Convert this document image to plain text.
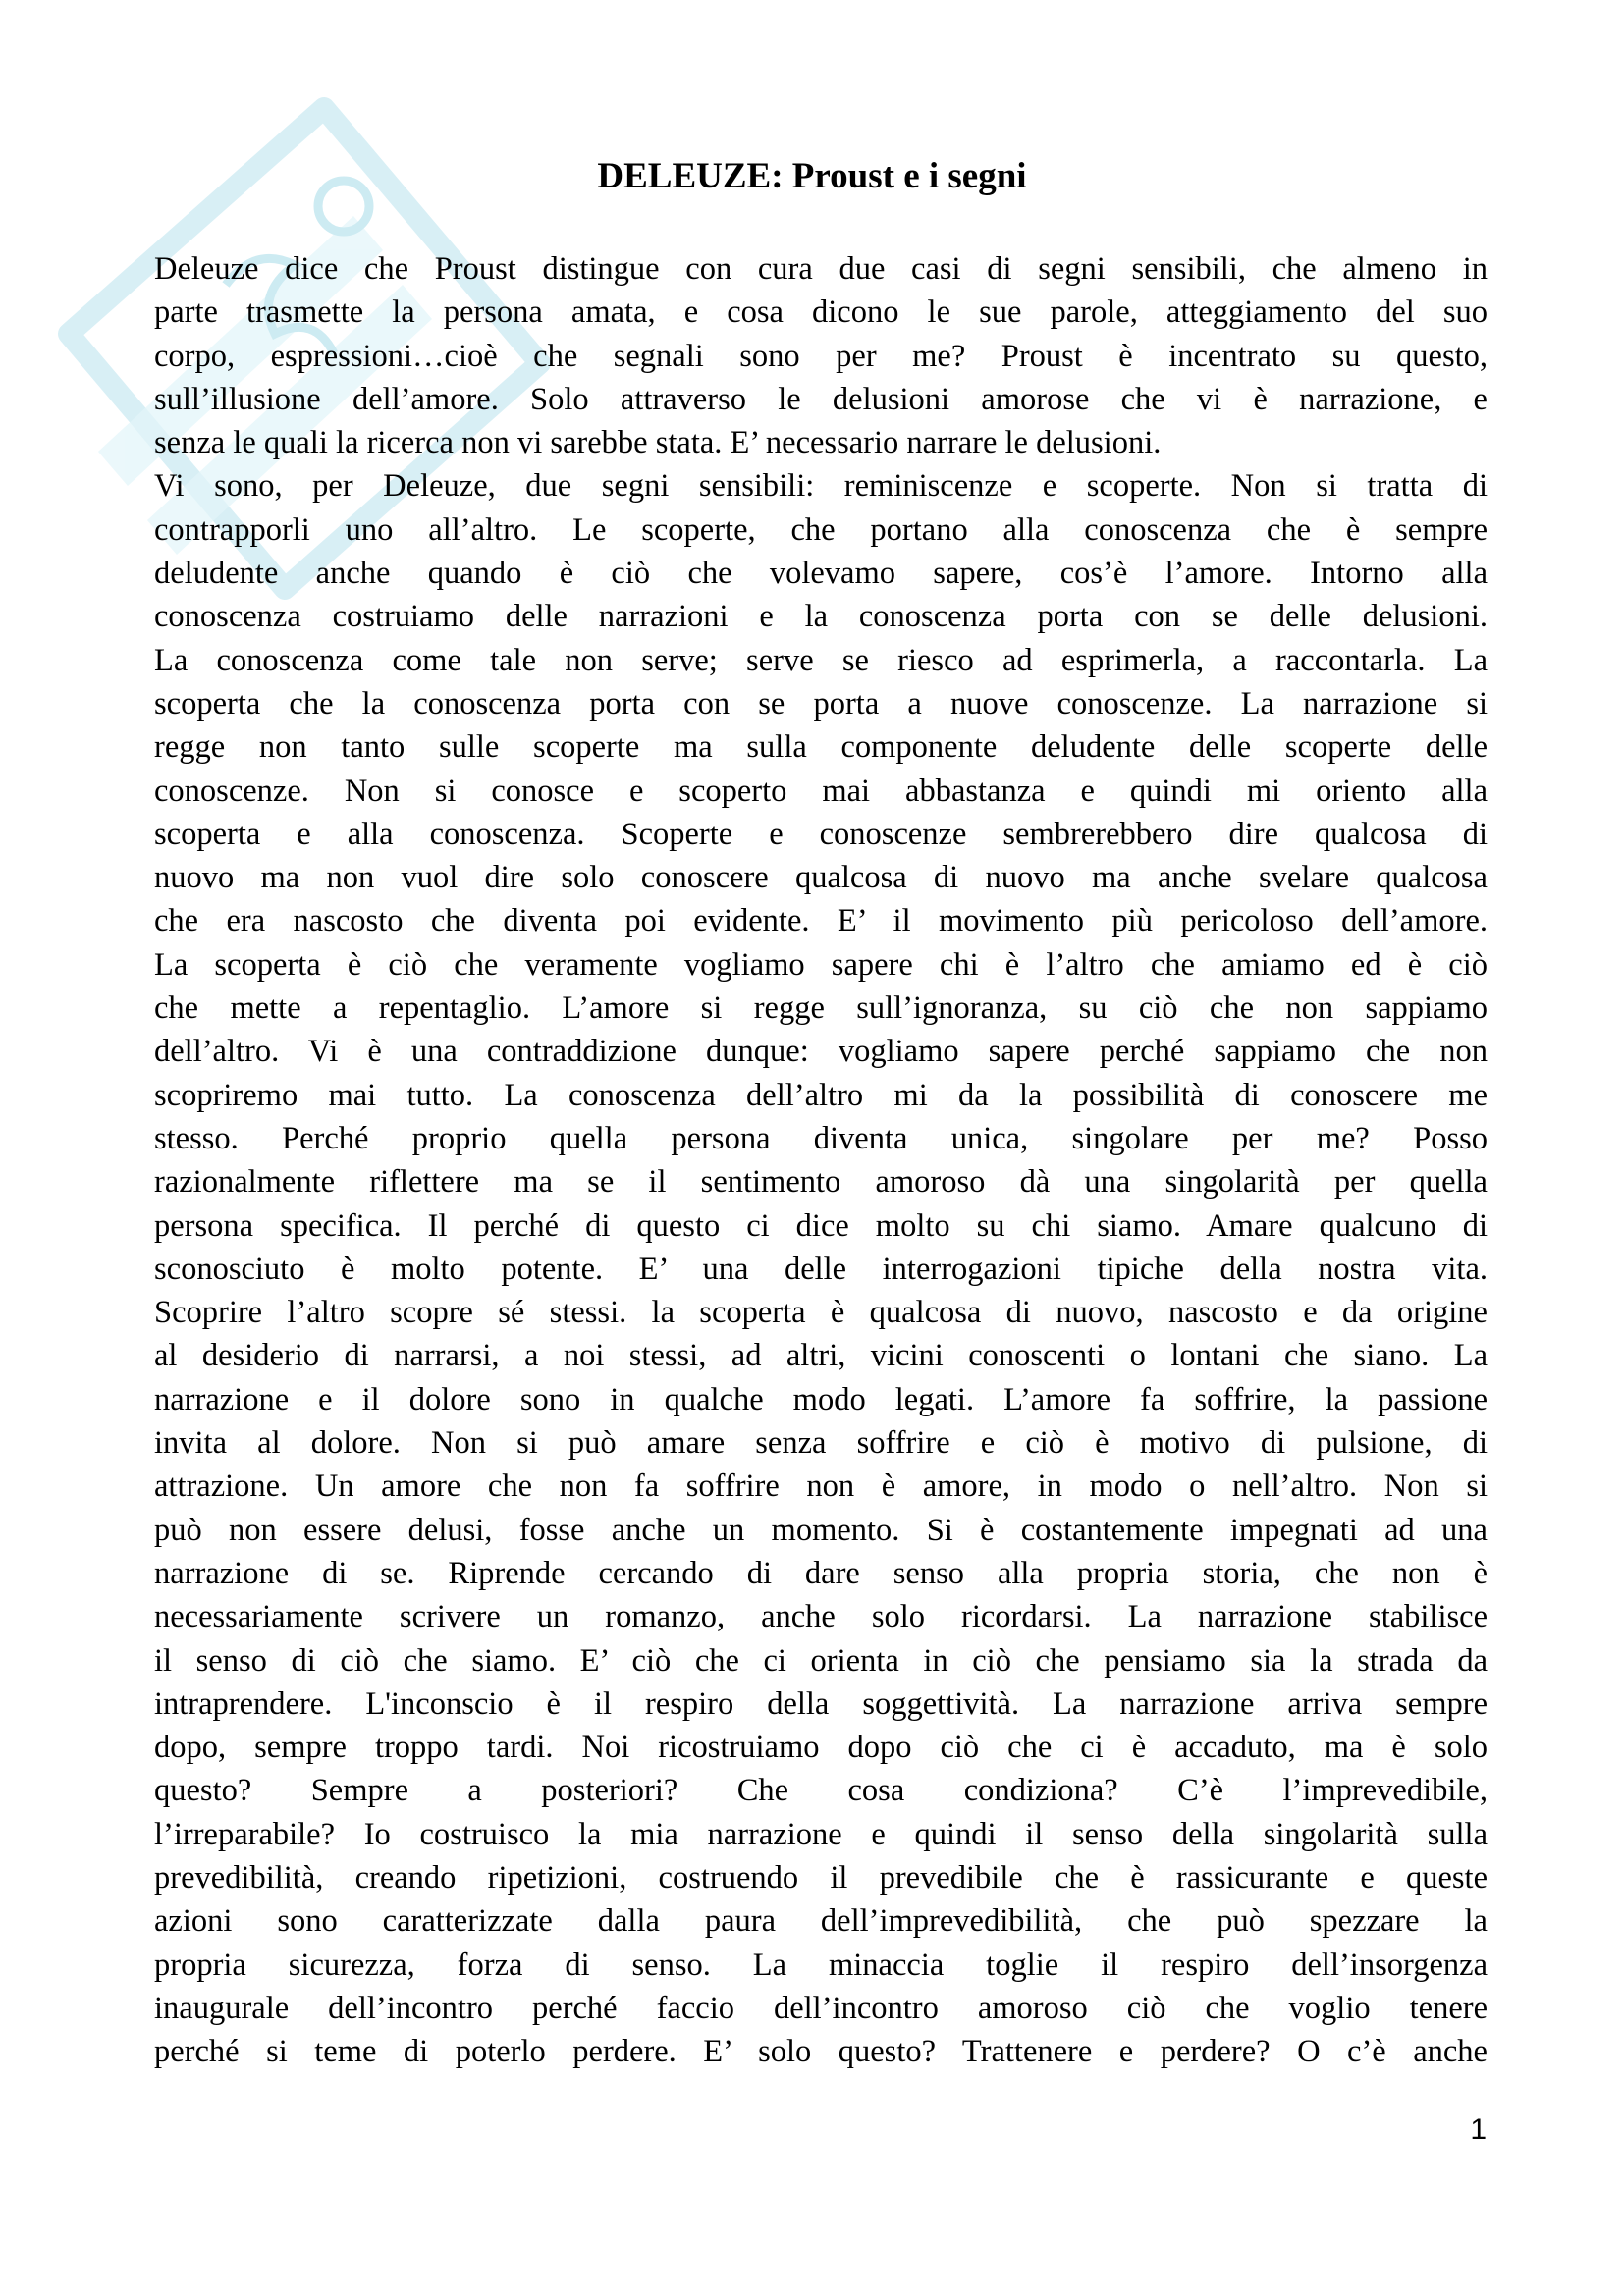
DELEUZE: Proust e i segni

Deleuze dice che Proust distingue con cura due casi di segni sensibili, che almeno in
parte trasmette la persona amata, e cosa dicono le sue parole, atteggiamento del suo
corpo, espressioni…cioè che segnali sono per me? Proust è incentrato su questo,
sull’illusione dell’amore. Solo attraverso le delusioni amorose che vi è narrazione, e
senza le quali la ricerca non vi sarebbe stata. E’ necessario narrare le delusioni.

Vi sono, per Deleuze, due segni sensibili: reminiscenze e scoperte. Non si tratta di
contrapporli uno all’altro. Le scoperte, che portano alla conoscenza che è sempre
deludente anche quando è ciò che volevamo sapere, cos’è l’amore. Intorno alla
conoscenza costruiamo delle narrazioni e la conoscenza porta con se delle delusioni.
La conoscenza come tale non serve; serve se riesco ad esprimerla, a raccontarla. La
scoperta che la conoscenza porta con se porta a nuove conoscenze. La narrazione si
regge non tanto sulle scoperte ma sulla componente deludente delle scoperte delle
conoscenze. Non si conosce e scoperto mai abbastanza e quindi mi oriento alla
scoperta e alla conoscenza. Scoperte e conoscenze sembrerebbero dire qualcosa di
nuovo ma non vuol dire solo conoscere qualcosa di nuovo ma anche svelare qualcosa
che era nascosto che diventa poi evidente. E’ il movimento più pericoloso dell’amore.
La scoperta è ciò che veramente vogliamo sapere chi è l’altro che amiamo ed è ciò
che mette a repentaglio. L’amore si regge sull’ignoranza, su ciò che non sappiamo
dell’altro. Vi è una contraddizione dunque: vogliamo sapere perché sappiamo che non
scopriremo mai tutto. La conoscenza dell’altro mi da la possibilità di conoscere me
stesso. Perché proprio quella persona diventa unica, singolare per me? Posso
razionalmente riflettere ma se il sentimento amoroso dà una singolarità per quella
persona specifica. Il perché di questo ci dice molto su chi siamo. Amare qualcuno di
sconosciuto è molto potente. E’ una delle interrogazioni tipiche della nostra vita.
Scoprire l’altro scopre sé stessi. la scoperta è qualcosa di nuovo, nascosto e da origine
al desiderio di narrarsi, a noi stessi, ad altri, vicini conoscenti o lontani che siano. La
narrazione e il dolore sono in qualche modo legati. L’amore fa soffrire, la passione
invita al dolore. Non si può amare senza soffrire e ciò è motivo di pulsione, di
attrazione. Un amore che non fa soffrire non è amore, in modo o nell’altro. Non si
può non essere delusi, fosse anche un momento. Si è costantemente impegnati ad una
narrazione di se. Riprende cercando di dare senso alla propria storia, che non è
necessariamente scrivere un romanzo, anche solo ricordarsi. La narrazione stabilisce
il senso di ciò che siamo. E’ ciò che ci orienta in ciò che pensiamo sia la strada da
intraprendere. L'inconscio è il respiro della soggettività. La narrazione arriva sempre
dopo, sempre troppo tardi. Noi ricostruiamo dopo ciò che ci è accaduto, ma è solo
questo? Sempre a posteriori? Che cosa condiziona? C’è l’imprevedibile,
l’irreparabile? Io costruisco la mia narrazione e quindi il senso della singolarità sulla
prevedibilità, creando ripetizioni, costruendo il prevedibile che è rassicurante e queste
azioni sono caratterizzate dalla paura dell’imprevedibilità, che può spezzare la
propria sicurezza, forza di senso. La minaccia toglie il respiro dell’insorgenza
inaugurale dell’incontro perché faccio dell’incontro amoroso ciò che voglio tenere
perché si teme di poterlo perdere. E’ solo questo? Trattenere e perdere? O c’è anche

1
